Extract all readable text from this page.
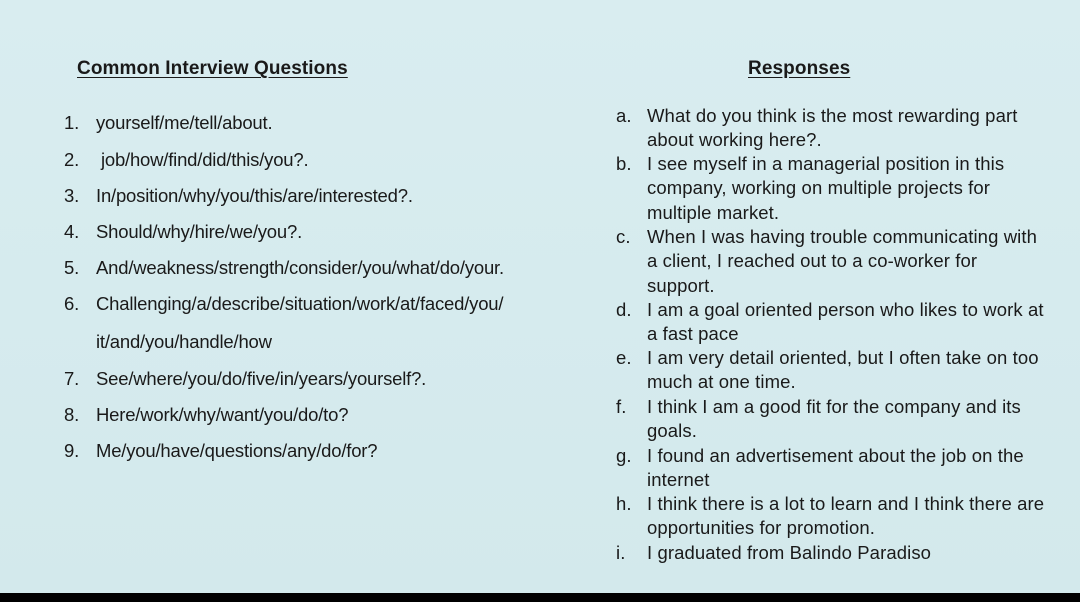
Common Interview Questions	Responses
1. yourself/me/tell/about.
2. job/how/find/did/this/you?.
3. In/position/why/you/this/are/interested?.
4. Should/why/hire/we/you?.
5. And/weakness/strength/consider/you/what/do/your.
6. Challenging/a/describe/situation/work/at/faced/you/
it/and/you/handle/how
7. See/where/you/do/five/in/years/yourself?.
8. Here/work/why/want/you/do/to?
9. Me/you/have/questions/any/do/for?
a. What do you think is the most rewarding part about working here?.
b. I see myself in a managerial position in this company, working on multiple projects for multiple market.
c. When I was having trouble communicating with a client, I reached out to a co-worker for support.
d. I am a goal oriented person who likes to work at a fast pace
e. I am very detail oriented, but I often take on too much at one time.
f.	I think I am a good fit for the company and its goals.
g. I found an advertisement about the job on the internet
h. I think there is a lot to learn and I think there are opportunities for promotion.
i.	I graduated from Balindo Paradiso
